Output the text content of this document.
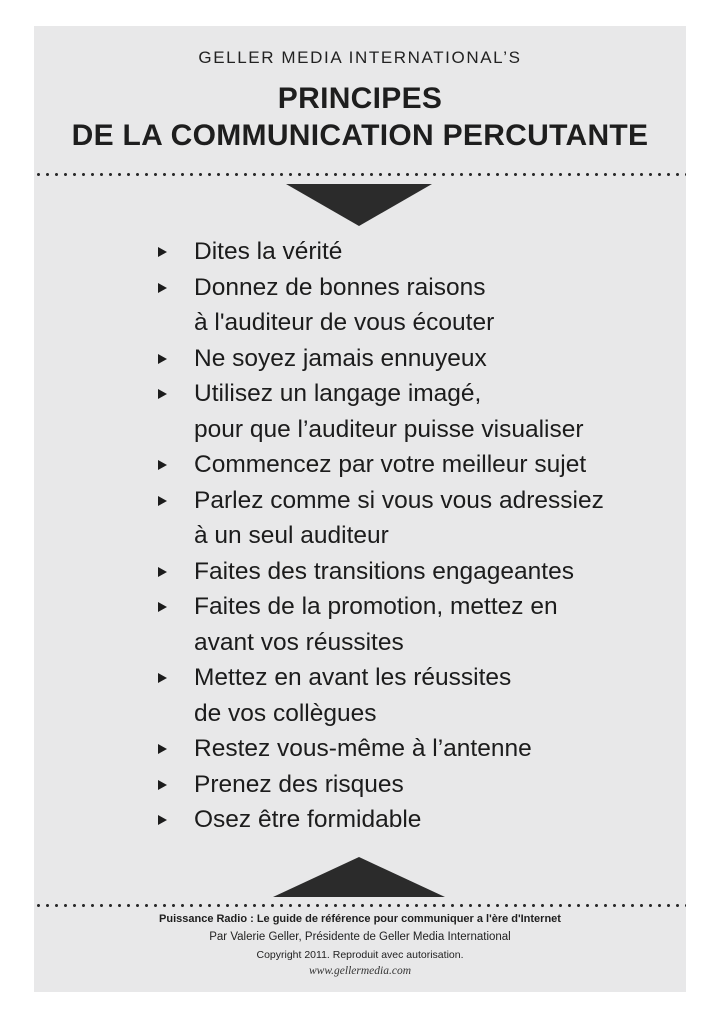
GELLER MEDIA INTERNATIONAL’S
PRINCIPES
DE LA COMMUNICATION PERCUTANTE
Dites la vérité
Donnez de bonnes raisons
à l'auditeur de vous écouter
Ne soyez jamais ennuyeux
Utilisez un langage imagé,
pour que l’auditeur puisse visualiser
Commencez par votre meilleur sujet
Parlez comme si vous vous adressiez
à un seul auditeur
Faites des transitions engageantes
Faites de la promotion, mettez en
avant vos réussites
Mettez en avant les réussites
de vos collègues
Restez vous-même à l’antenne
Prenez des risques
Osez être formidable
Puissance Radio : Le guide de référence pour communiquer a l'ère d'Internet
Par Valerie Geller, Présidente de Geller Media International
Copyright 2011. Reproduit avec autorisation.
www.gellermedia.com
